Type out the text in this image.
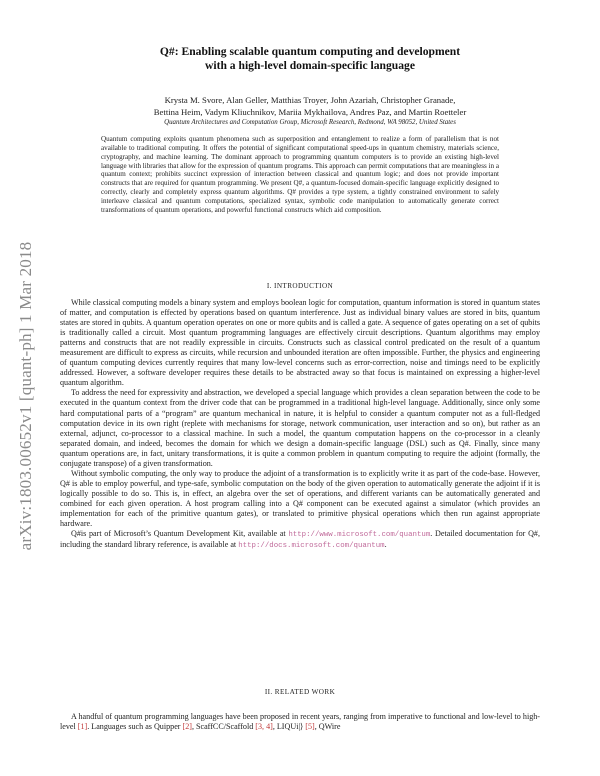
arXiv:1803.00652v1 [quant-ph] 1 Mar 2018
Q#: Enabling scalable quantum computing and development
with a high-level domain-specific language
Krysta M. Svore, Alan Geller, Matthias Troyer, John Azariah, Christopher Granade,
Bettina Heim, Vadym Kliuchnikov, Mariia Mykhailova, Andres Paz, and Martin Roetteler
Quantum Architectures and Computation Group, Microsoft Research, Redmond, WA 98052, United States
Quantum computing exploits quantum phenomena such as superposition and entanglement to realize a form of parallelism that is not available to traditional computing. It offers the potential of significant computational speed-ups in quantum chemistry, materials science, cryptography, and machine learning. The dominant approach to programming quantum computers is to provide an existing high-level language with libraries that allow for the expression of quantum programs. This approach can permit computations that are meaningless in a quantum context; prohibits succinct expression of interaction between classical and quantum logic; and does not provide important constructs that are required for quantum programming. We present Q#, a quantum-focused domain-specific language explicitly designed to correctly, clearly and completely express quantum algorithms. Q# provides a type system, a tightly constrained environment to safely interleave classical and quantum computations, specialized syntax, symbolic code manipulation to automatically generate correct transformations of quantum operations, and powerful functional constructs which aid composition.
I. INTRODUCTION

While classical computing models a binary system and employs boolean logic for computation, quantum information is stored in quantum states of matter, and computation is effected by operations based on quantum interference. Just as individual binary values are stored in bits, quantum states are stored in qubits. A quantum operation operates on one or more qubits and is called a gate. A sequence of gates operating on a set of qubits is traditionally called a circuit. Most quantum programming languages are effectively circuit descriptions. Quantum algorithms may employ patterns and constructs that are not readily expressible in circuits. Constructs such as classical control predicated on the result of a quantum measurement are difficult to express as circuits, while recursion and unbounded iteration are often impossible. Further, the physics and engineering of quantum computing devices currently requires that many low-level concerns such as error-correction, noise and timings need to be explicitly addressed. However, a software developer requires these details to be abstracted away so that focus is maintained on expressing a higher-level quantum algorithm.

To address the need for expressivity and abstraction, we developed a special language which provides a clean separation between the code to be executed in the quantum context from the driver code that can be programmed in a traditional high-level language. Additionally, since only some hard computational parts of a “program” are quantum mechanical in nature, it is helpful to consider a quantum computer not as a full-fledged computation device in its own right (replete with mechanisms for storage, network communication, user interaction and so on), but rather as an external, adjunct, co-processor to a classical machine. In such a model, the quantum computation happens on the co-processor in a cleanly separated domain, and indeed, becomes the domain for which we design a domain-specific language (DSL) such as Q#. Finally, since many quantum operations are, in fact, unitary transformations, it is quite a common problem in quantum computing to require the adjoint (formally, the conjugate transpose) of a given transformation.

Without symbolic computing, the only way to produce the adjoint of a transformation is to explicitly write it as part of the code-base. However, Q# is able to employ powerful, and type-safe, symbolic computation on the body of the given operation to automatically generate the adjoint if it is logically possible to do so. This is, in effect, an algebra over the set of operations, and different variants can be automatically generated and combined for each given operation. A host program calling into a Q# component can be executed against a simulator (which provides an implementation for each of the primitive quantum gates), or translated to primitive physical operations which then run against appropriate hardware.

Q#is part of Microsoft’s Quantum Development Kit, available at http://www.microsoft.com/quantum. Detailed documentation for Q#, including the standard library reference, is available at http://docs.microsoft.com/quantum.

II. RELATED WORK

A handful of quantum programming languages have been proposed in recent years, ranging from imperative to functional and low-level to high-level [1]. Languages such as Quipper [2], ScaffCC/Scaffold [3, 4], LIQUi|⟩ [5], QWire
